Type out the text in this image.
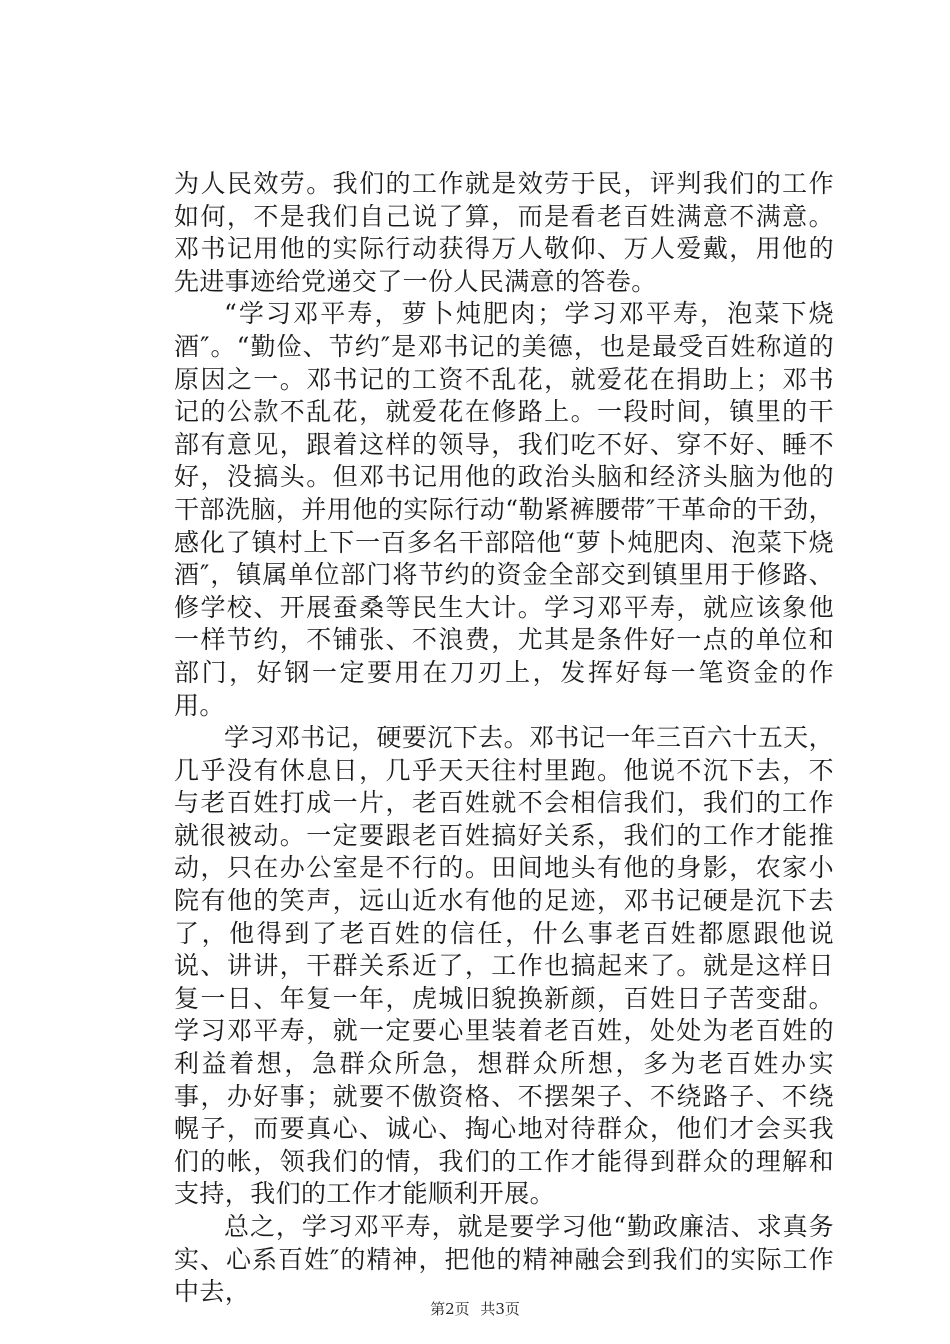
为人民效劳。我们的工作就是效劳于民，评判我们的工作如何，不是我们自己说了算，而是看老百姓满意不满意。邓书记用他的实际行动获得万人敬仰、万人爱戴，用他的先进事迹给党递交了一份人民满意的答卷。

“学习邓平寿，萝卜炖肥肉；学习邓平寿，泡菜下烧酒″。“勤俭、节约″是邓书记的美德，也是最受百姓称道的原因之一。邓书记的工资不乱花，就爱花在捐助上；邓书记的公款不乱花，就爱花在修路上。一段时间，镇里的干部有意见，跟着这样的领导，我们吃不好、穿不好、睡不好，没搞头。但邓书记用他的政治头脑和经济头脑为他的干部洗脑，并用他的实际行动“勒紧裤腰带″干革命的干劲，感化了镇村上下一百多名干部陪他“萝卜炖肥肉、泡菜下烧酒″，镇属单位部门将节约的资金全部交到镇里用于修路、修学校、开展蚕桑等民生大计。学习邓平寿，就应该象他一样节约，不铺张、不浪费，尤其是条件好一点的单位和部门，好钢一定要用在刀刃上，发挥好每一笔资金的作用。

学习邓书记，硬要沉下去。邓书记一年三百六十五天，几乎没有休息日，几乎天天往村里跑。他说不沉下去，不与老百姓打成一片，老百姓就不会相信我们，我们的工作就很被动。一定要跟老百姓搞好关系，我们的工作才能推动，只在办公室是不行的。田间地头有他的身影，农家小院有他的笑声，远山近水有他的足迹，邓书记硬是沉下去了，他得到了老百姓的信任，什么事老百姓都愿跟他说说、讲讲，干群关系近了，工作也搞起来了。就是这样日复一日、年复一年，虎城旧貌换新颜，百姓日子苦变甜。学习邓平寿，就一定要心里装着老百姓，处处为老百姓的利益着想，急群众所急，想群众所想，多为老百姓办实事，办好事；就要不傲资格、不摆架子、不绕路子、不绕幌子，而要真心、诚心、掏心地对待群众，他们才会买我们的帐，领我们的情，我们的工作才能得到群众的理解和支持，我们的工作才能顺利开展。

总之，学习邓平寿，就是要学习他“勤政廉洁、求真务实、心系百姓″的精神，把他的精神融会到我们的实际工作中去，

第2页 共3页
